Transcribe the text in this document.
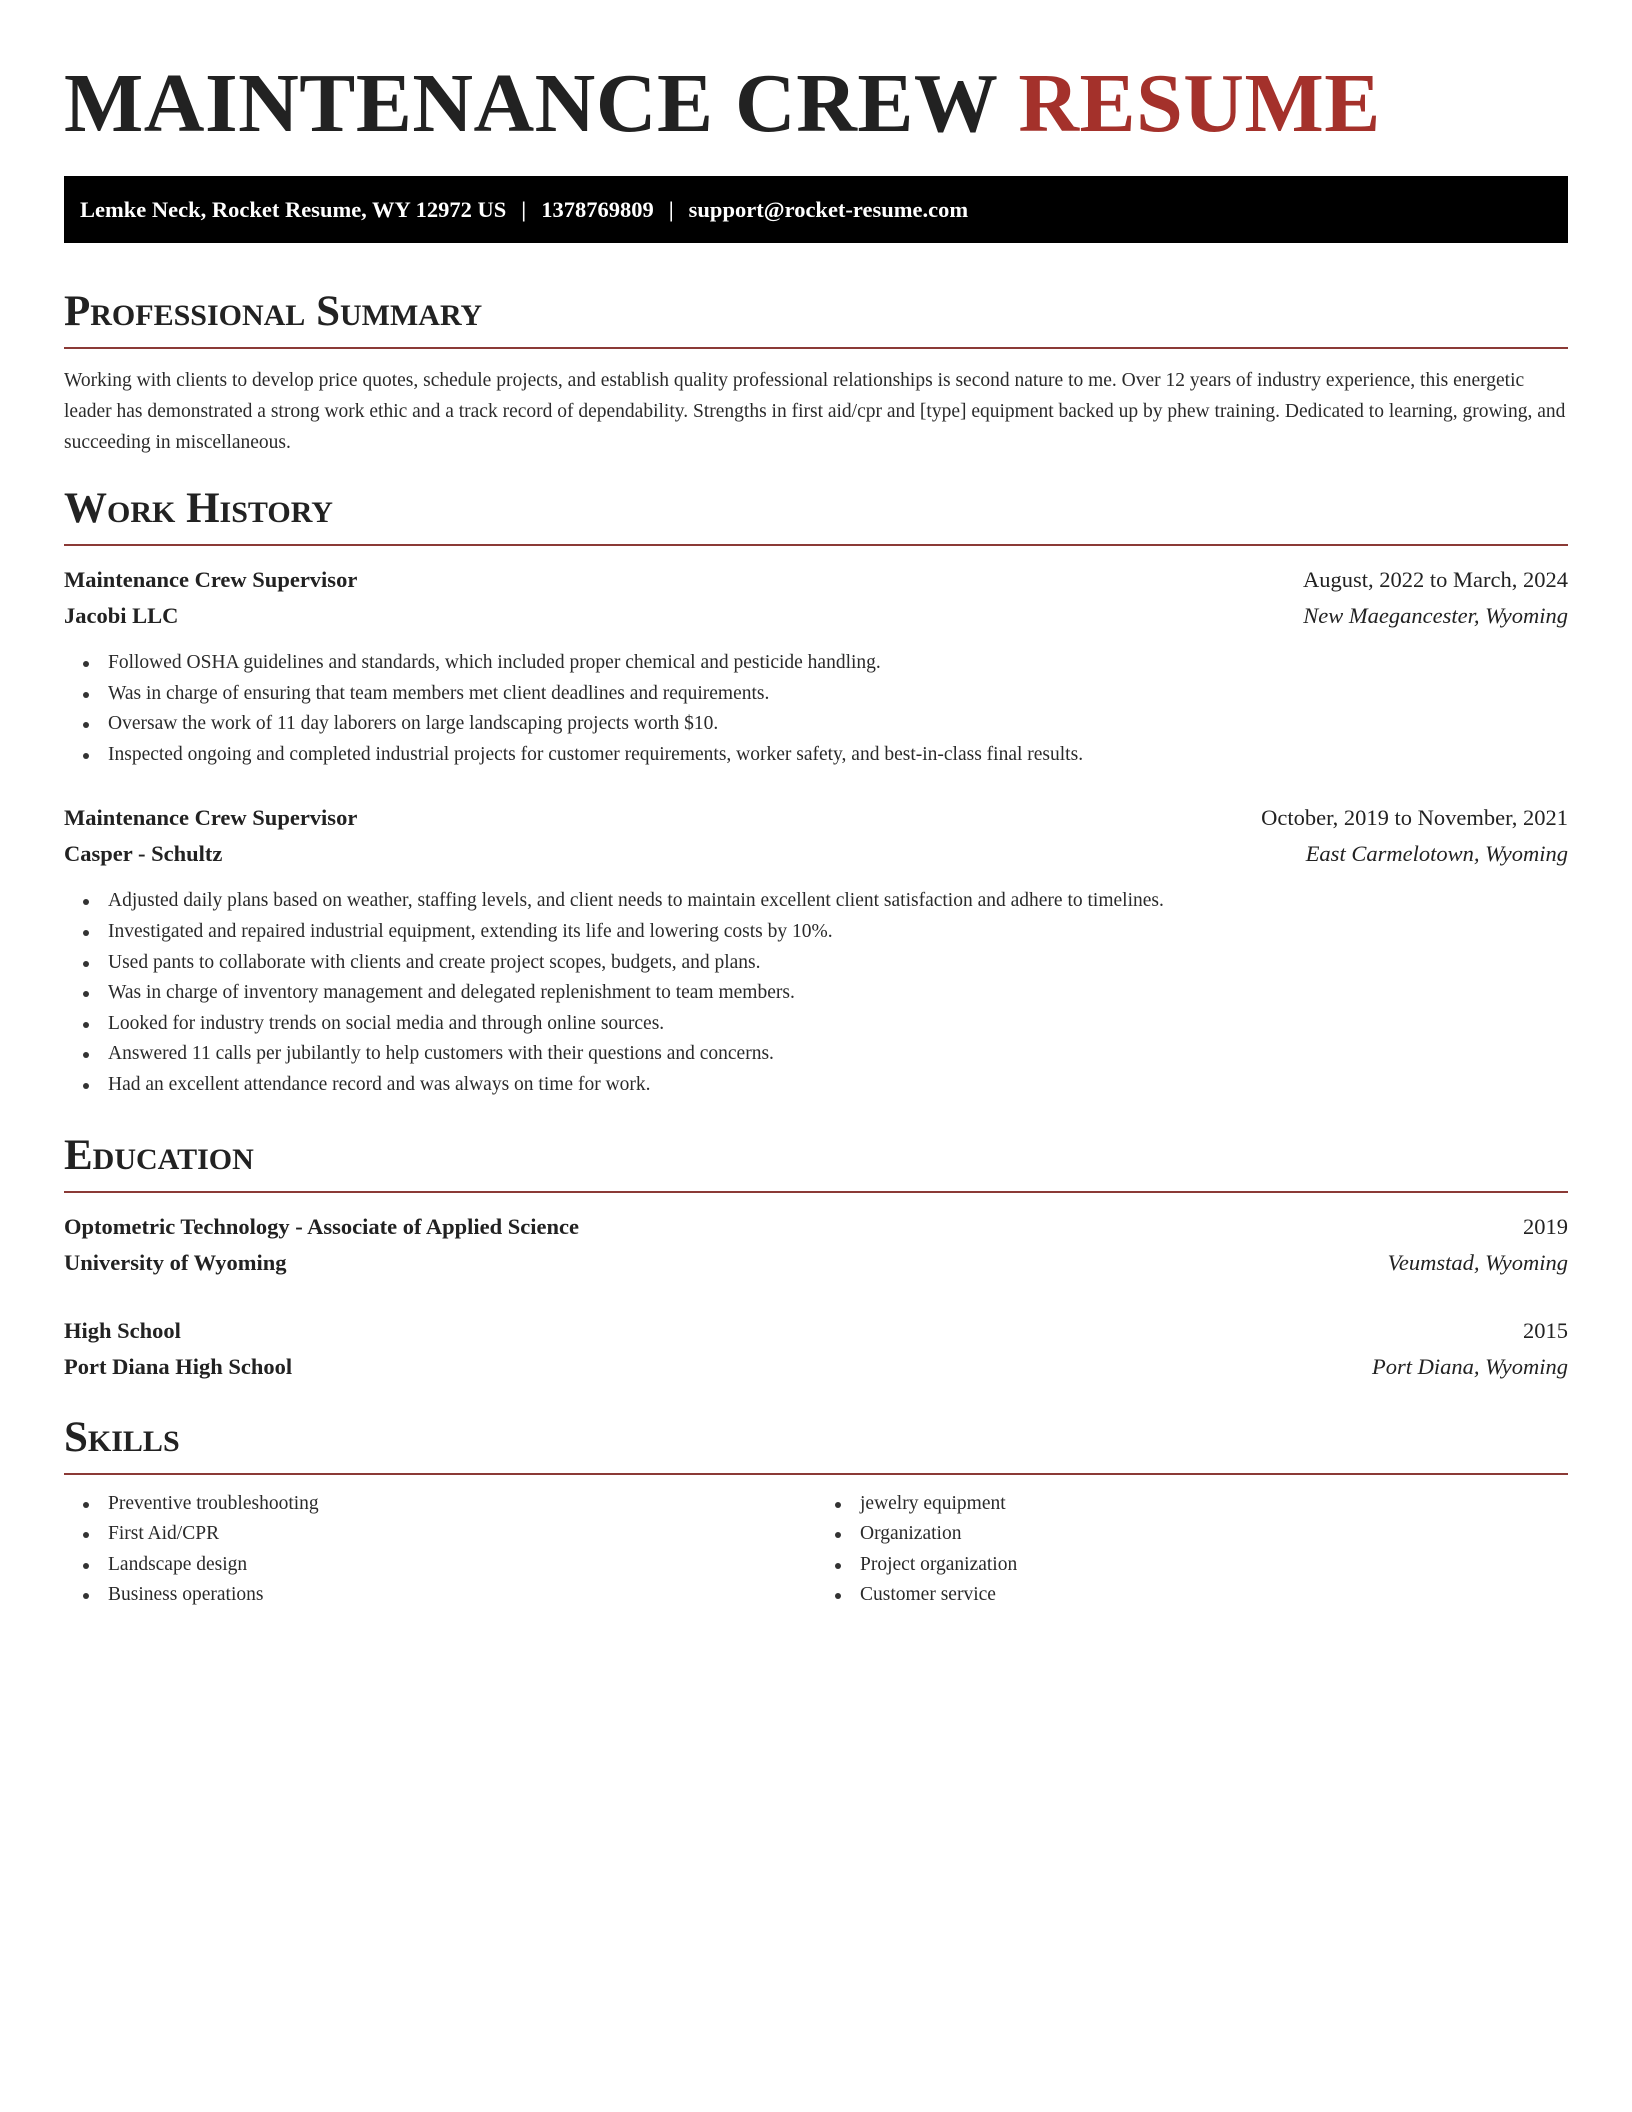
MAINTENANCE CREW RESUME
Lemke Neck, Rocket Resume, WY 12972 US | 1378769809 | support@rocket-resume.com
Professional Summary

Working with clients to develop price quotes, schedule projects, and establish quality professional relationships is second nature to me. Over 12 years of industry experience, this energetic leader has demonstrated a strong work ethic and a track record of dependability. Strengths in first aid/cpr and [type] equipment backed up by phew training. Dedicated to learning, growing, and succeeding in miscellaneous.

Work History
Maintenance Crew Supervisor	August, 2022 to March, 2024
Jacobi LLC	New Maegancester, Wyoming
Followed OSHA guidelines and standards, which included proper chemical and pesticide handling.
Was in charge of ensuring that team members met client deadlines and requirements.
Oversaw the work of 11 day laborers on large landscaping projects worth $10.
Inspected ongoing and completed industrial projects for customer requirements, worker safety, and best-in-class final results.
Maintenance Crew Supervisor	October, 2019 to November, 2021
Casper - Schultz	East Carmelotown, Wyoming
Adjusted daily plans based on weather, staffing levels, and client needs to maintain excellent client satisfaction and adhere to timelines.
Investigated and repaired industrial equipment, extending its life and lowering costs by 10%.
Used pants to collaborate with clients and create project scopes, budgets, and plans.
Was in charge of inventory management and delegated replenishment to team members.
Looked for industry trends on social media and through online sources.
Answered 11 calls per jubilantly to help customers with their questions and concerns.
Had an excellent attendance record and was always on time for work.
Education
Optometric Technology - Associate of Applied Science	2019
University of Wyoming	Veumstad, Wyoming
High School	2015
Port Diana High School	Port Diana, Wyoming
Skills
Preventive troubleshooting
First Aid/CPR
Landscape design
Business operations
jewelry equipment
Organization
Project organization
Customer service
